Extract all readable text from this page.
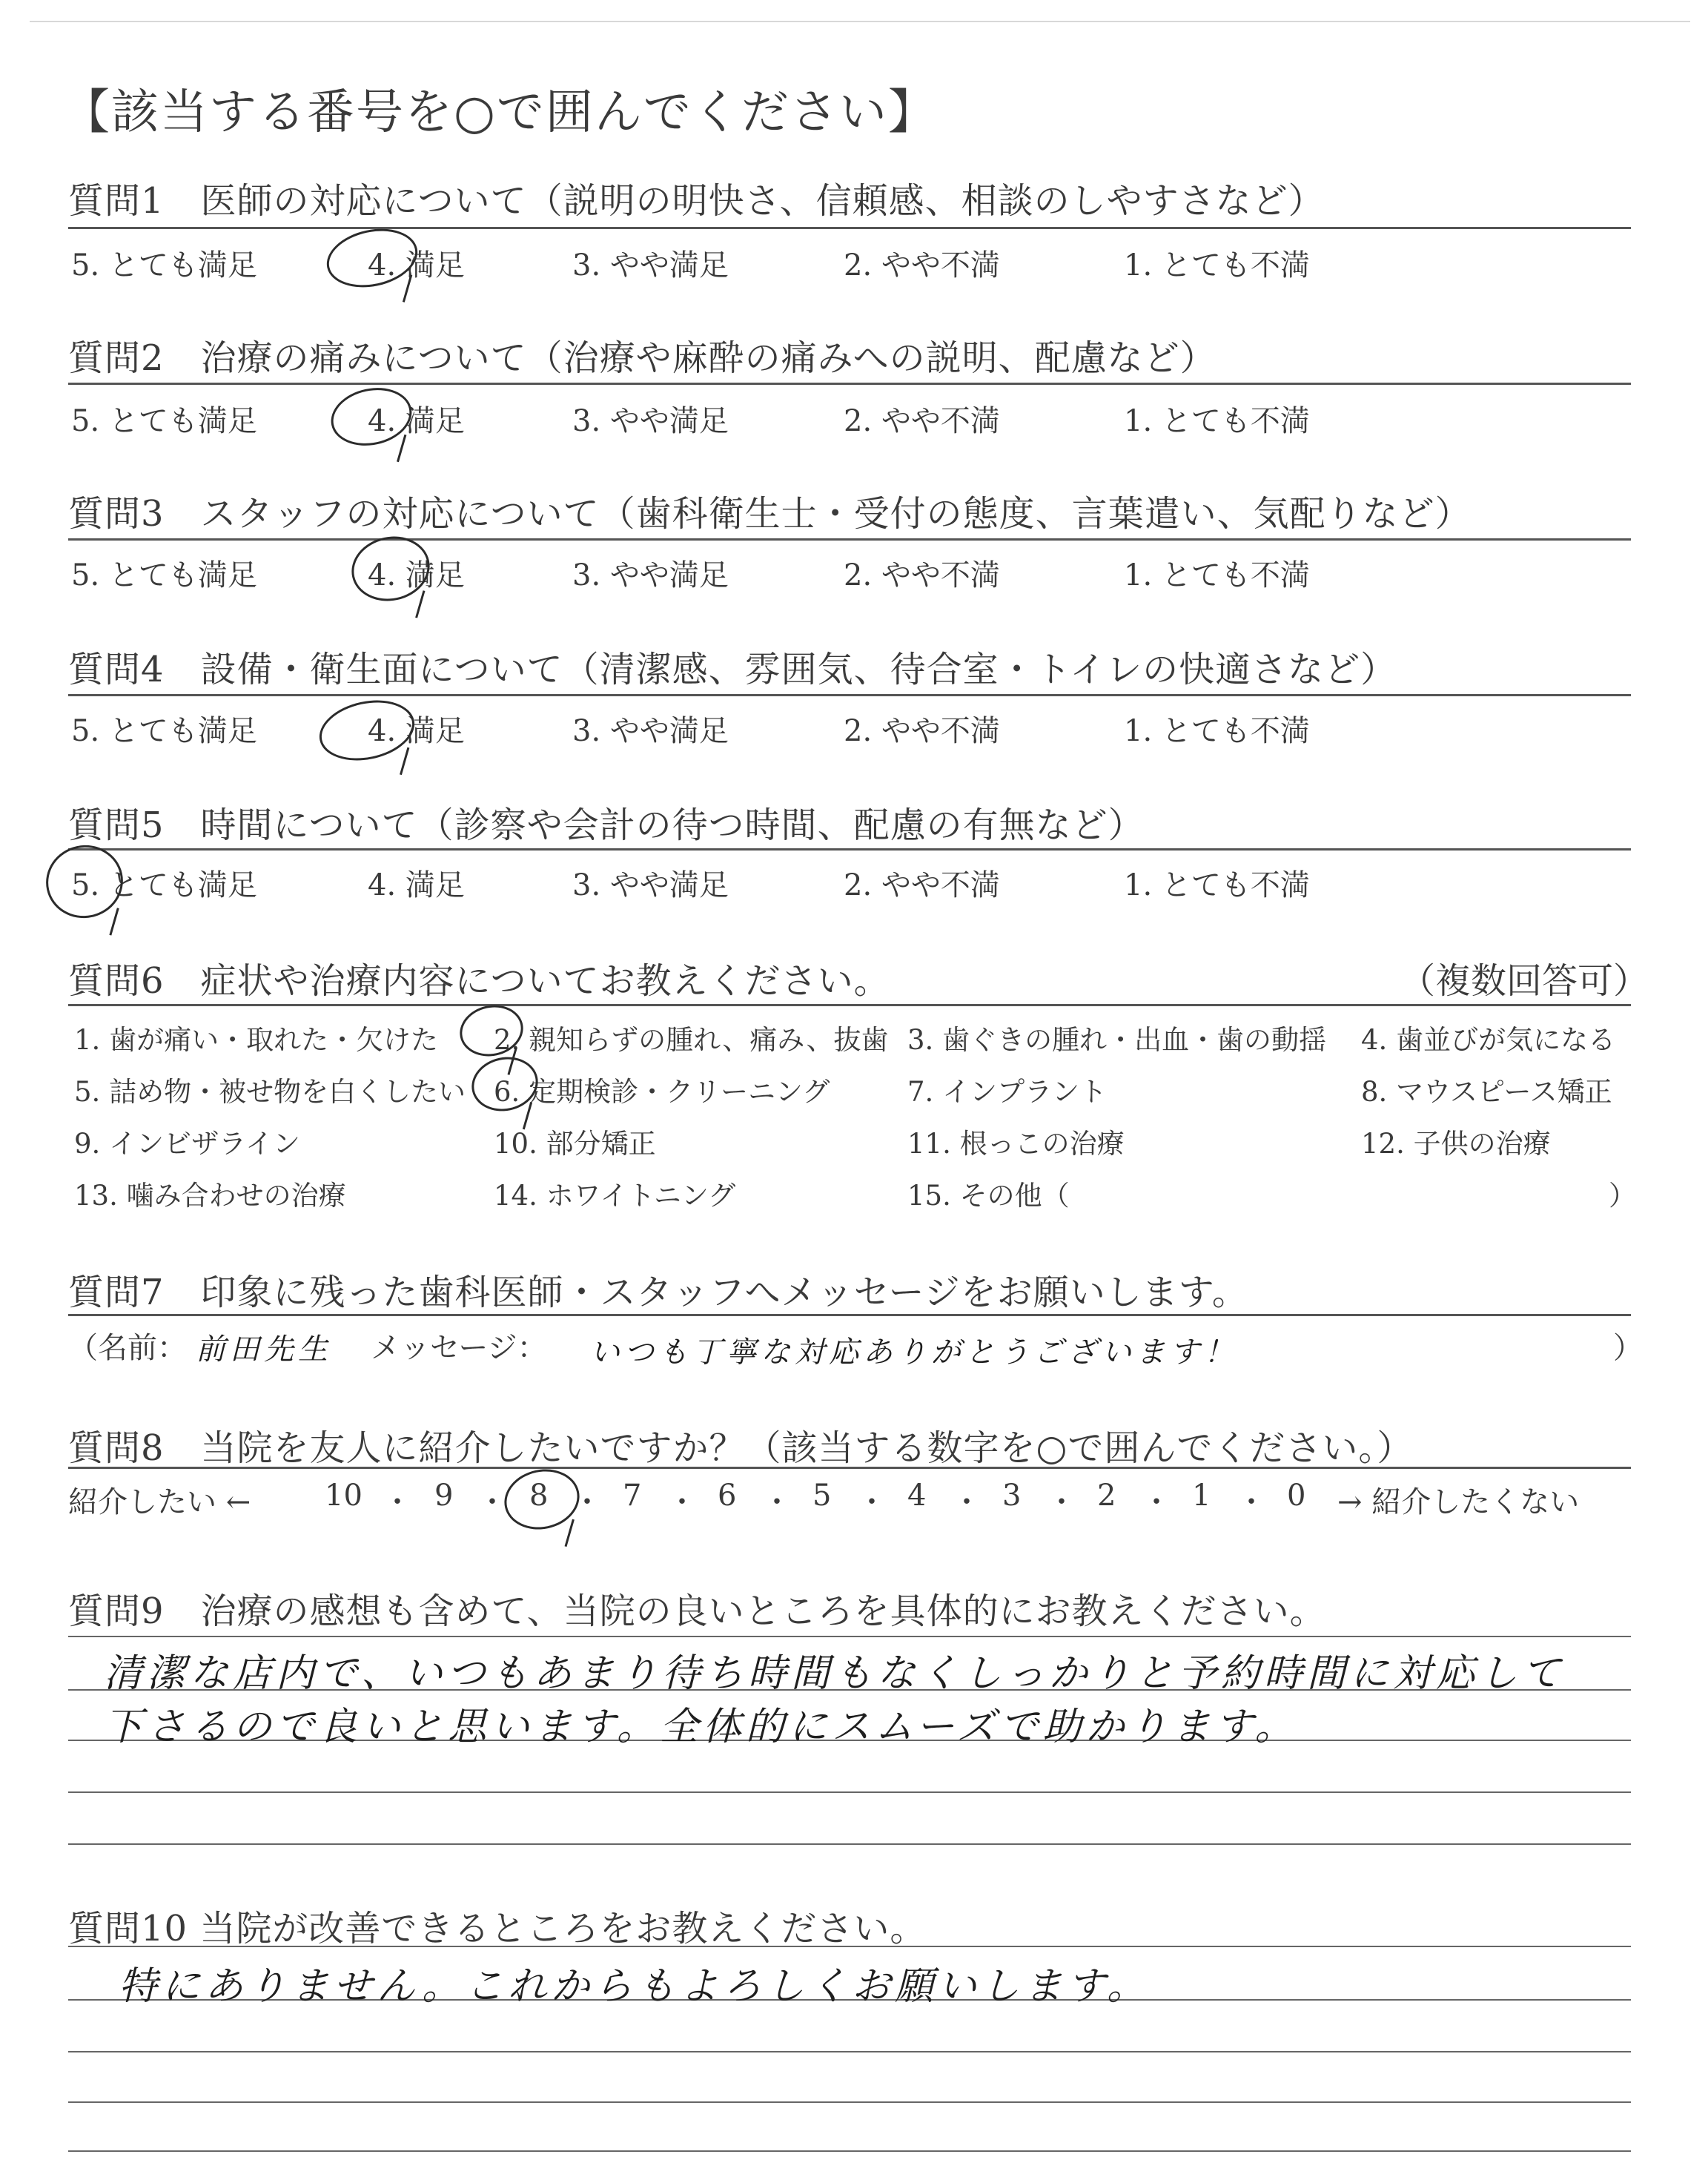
【該当する番号を○で囲んでください】
質問1　医師の対応について（説明の明快さ、信頼感、相談のしやすさなど）
5. とても満足	4. 満足	3. やや満足	2. やや不満	1. とても不満
質問2　治療の痛みについて（治療や麻酔の痛みへの説明、配慮など）
5. とても満足	4. 満足	3. やや満足	2. やや不満	1. とても不満
質問3　スタッフの対応について（歯科衛生士・受付の態度、言葉遣い、気配りなど）
5. とても満足	4. 満足	3. やや満足	2. やや不満	1. とても不満
質問4　設備・衛生面について（清潔感、雰囲気、待合室・トイレの快適さなど）
5. とても満足	4. 満足	3. やや満足	2. やや不満	1. とても不満
質問5　時間について（診察や会計の待つ時間、配慮の有無など）
5. とても満足	4. 満足	3. やや満足	2. やや不満	1. とても不満
質問6　症状や治療内容についてお教えください。	（複数回答可）
1. 歯が痛い・取れた・欠けた 2. 親知らずの腫れ、痛み、抜歯 3. 歯ぐきの腫れ・出血・歯の動揺 4. 歯並びが気になる
5. 詰め物・被せ物を白くしたい 6. 定期検診・クリーニング	7. インプラント	8. マウスピース矯正
9. インビザライン	10. 部分矯正	11. 根っこの治療	12. 子供の治療
13. 噛み合わせの治療	14. ホワイトニング	15. その他（	）
質問7　印象に残った歯科医師・スタッフへメッセージをお願いします。
（名前： 前田先生 メッセージ： いつも丁寧な対応ありがとうございます！	）
質問8　当院を友人に紹介したいですか？（該当する数字を○で囲んでください。）
紹介したい ← 10 ・ 9 ・ 8 ・ 7 ・ 6 ・ 5 ・ 4 ・ 3 ・ 2 ・ 1 ・ 0 → 紹介したくない
質問9　治療の感想も含めて、当院の良いところを具体的にお教えください。
清潔な店内で、いつもあまり待ち時間もなくしっかりと予約時間に対応して
下さるので良いと思います。全体的にスムーズで助かります。
質問10 当院が改善できるところをお教えください。
特にありません。これからもよろしくお願いします。
